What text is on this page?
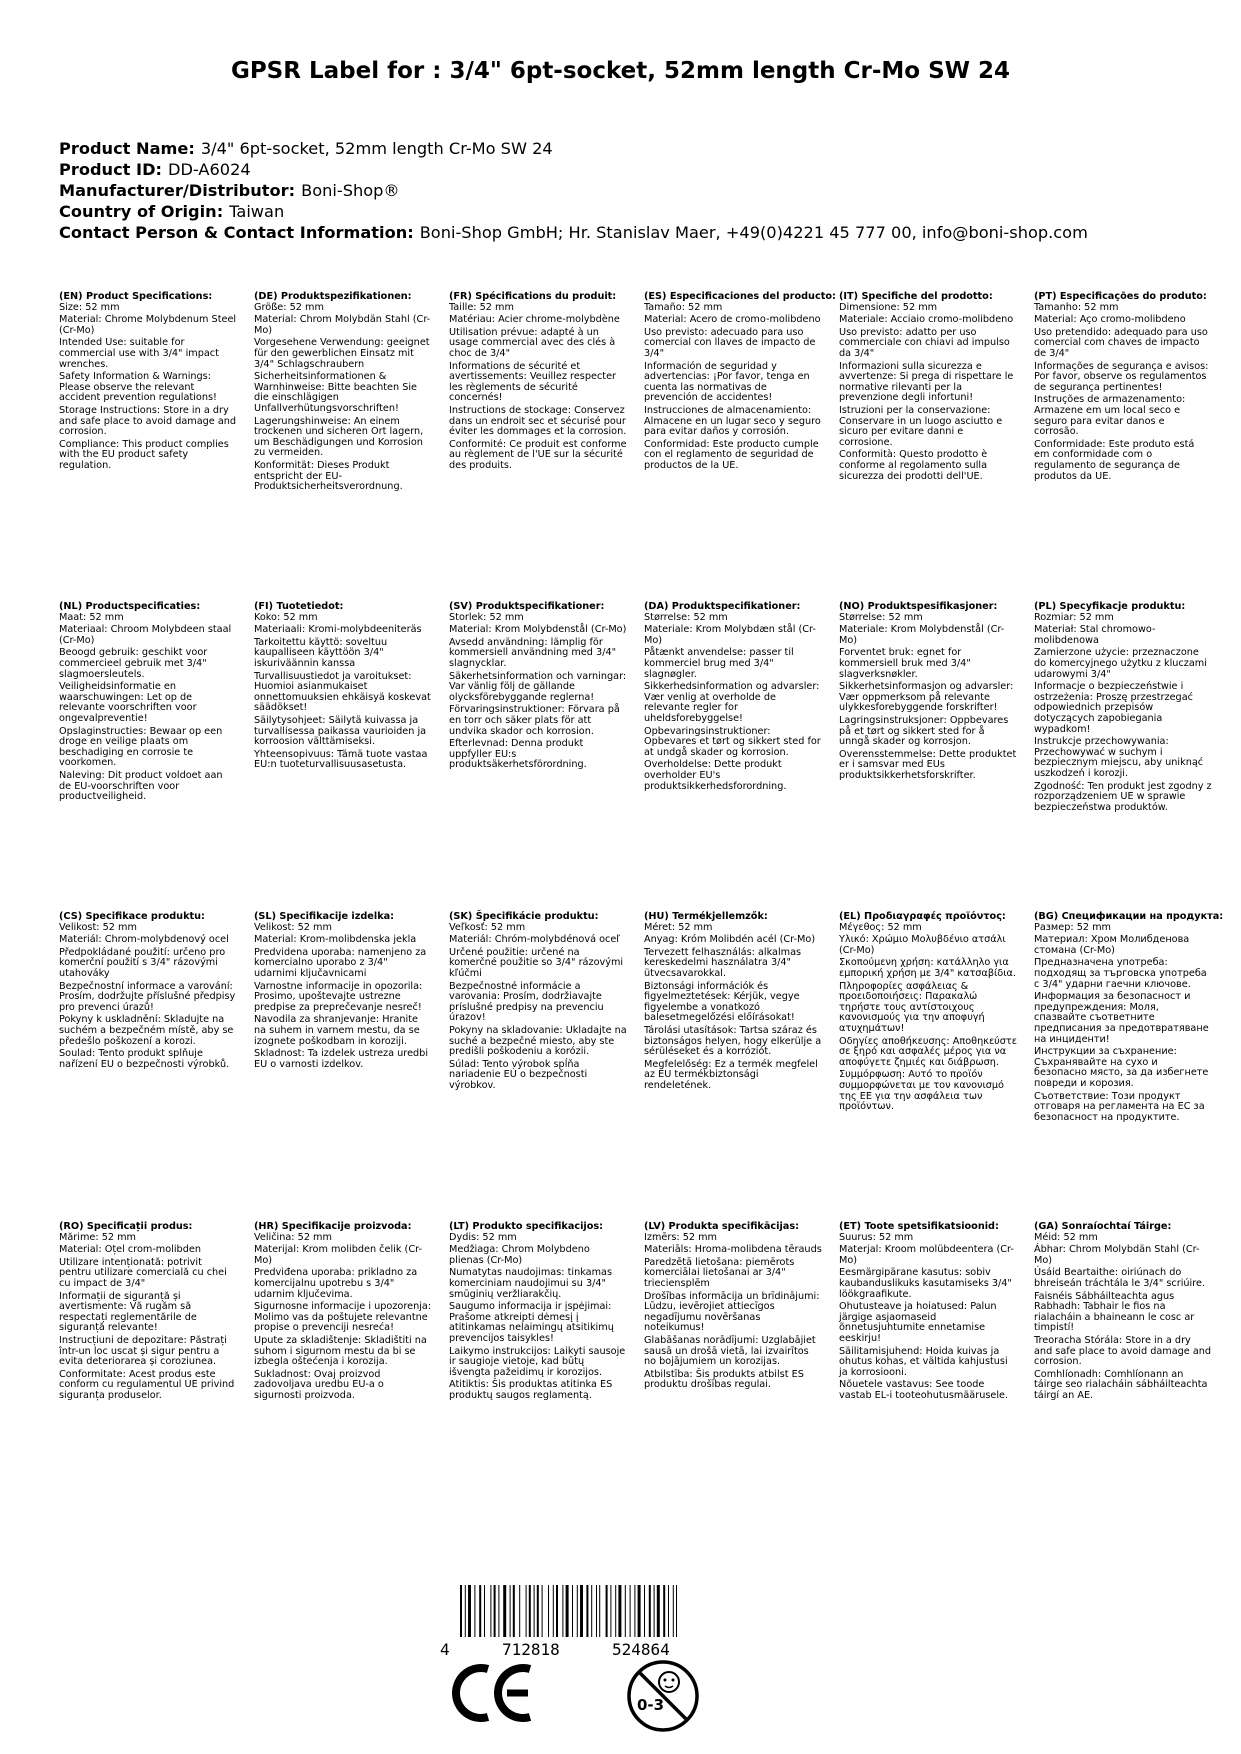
GPSR Label for : 3/4" 6pt-socket, 52mm length Cr-Mo SW 24
Product Name: 3/4" 6pt-socket, 52mm length Cr-Mo SW 24
Product ID: DD-A6024
Manufacturer/Distributor: Boni-Shop®
Country of Origin: Taiwan
Contact Person & Contact Information: Boni-Shop GmbH; Hr. Stanislav Maer, +49(0)4221 45 777 00, info@boni-shop.com
(EN) Product Specifications:
Size: 52 mm
Material: Chrome Molybdenum Steel (Cr-Mo)
Intended Use: suitable for commercial use with 3/4" impact wrenches.
Safety Information & Warnings: Please observe the relevant accident prevention regulations!
Storage Instructions: Store in a dry and safe place to avoid damage and corrosion.
Compliance: This product complies with the EU product safety regulation.
(DE) Produktspezifikationen:
Größe: 52 mm
Material: Chrom Molybdän Stahl (Cr-Mo)
Vorgesehene Verwendung: geeignet für den gewerblichen Einsatz mit 3/4" Schlagschraubern
Sicherheitsinformationen & Warnhinweise: Bitte beachten Sie die einschlägigen Unfallverhütungsvorschriften!
Lagerungshinweise: An einem trockenen und sicheren Ort lagern, um Beschädigungen und Korrosion zu vermeiden.
Konformität: Dieses Produkt entspricht der EU-Produktsicherheitsverordnung.
(FR) Spécifications du produit:
Taille: 52 mm
Matériau: Acier chrome-molybdène
Utilisation prévue: adapté à un usage commercial avec des clés à choc de 3/4"
Informations de sécurité et avertissements: Veuillez respecter les règlements de sécurité concernés!
Instructions de stockage: Conservez dans un endroit sec et sécurisé pour éviter les dommages et la corrosion.
Conformité: Ce produit est conforme au règlement de l'UE sur la sécurité des produits.
(ES) Especificaciones del producto:
Tamaño: 52 mm
Material: Acero de cromo-molibdeno
Uso previsto: adecuado para uso comercial con llaves de impacto de 3/4"
Información de seguridad y advertencias: ¡Por favor, tenga en cuenta las normativas de prevención de accidentes!
Instrucciones de almacenamiento: Almacene en un lugar seco y seguro para evitar daños y corrosión.
Conformidad: Este producto cumple con el reglamento de seguridad de productos de la UE.
(IT) Specifiche del prodotto:
Dimensione: 52 mm
Materiale: Acciaio cromo-molibdeno
Uso previsto: adatto per uso commerciale con chiavi ad impulso da 3/4"
Informazioni sulla sicurezza e avvertenze: Si prega di rispettare le normative rilevanti per la prevenzione degli infortuni!
Istruzioni per la conservazione: Conservare in un luogo asciutto e sicuro per evitare danni e corrosione.
Conformità: Questo prodotto è conforme al regolamento sulla sicurezza dei prodotti dell'UE.
(PT) Especificações do produto:
Tamanho: 52 mm
Material: Aço cromo-molibdeno
Uso pretendido: adequado para uso comercial com chaves de impacto de 3/4"
Informações de segurança e avisos: Por favor, observe os regulamentos de segurança pertinentes!
Instruções de armazenamento: Armazene em um local seco e seguro para evitar danos e corrosão.
Conformidade: Este produto está em conformidade com o regulamento de segurança de produtos da UE.
(NL) Productspecificaties:
Maat: 52 mm
Materiaal: Chroom Molybdeen staal (Cr-Mo)
Beoogd gebruik: geschikt voor commercieel gebruik met 3/4" slagmoersleutels.
Veiligheidsinformatie en waarschuwingen: Let op de relevante voorschriften voor ongevalpreventie!
Opslaginstructies: Bewaar op een droge en veilige plaats om beschadiging en corrosie te voorkomen.
Naleving: Dit product voldoet aan de EU-voorschriften voor productveiligheid.
(FI) Tuotetiedot:
Koko: 52 mm
Materiaali: Kromi-molybdeeniteräs
Tarkoitettu käyttö: soveltuu kaupalliseen käyttöön 3/4" iskuriväännin kanssa
Turvallisuustiedot ja varoitukset: Huomioi asianmukaiset onnettomuuksien ehkäisyä koskevat säädökset!
Säilytysohjeet: Säilytä kuivassa ja turvallisessa paikassa vaurioiden ja korroosion välttämiseksi.
Yhteensopivuus: Tämä tuote vastaa EU:n tuoteturvallisuusasetusta.
(SV) Produktspecifikationer:
Storlek: 52 mm
Material: Krom Molybdenstål (Cr-Mo)
Avsedd användning: lämplig för kommersiell användning med 3/4" slagnycklar.
Säkerhetsinformation och varningar: Var vänlig följ de gällande olycksförebyggande reglerna!
Förvaringsinstruktioner: Förvara på en torr och säker plats för att undvika skador och korrosion.
Efterlevnad: Denna produkt uppfyller EU:s produktsäkerhetsförordning.
(DA) Produktspecifikationer:
Størrelse: 52 mm
Materiale: Krom Molybdæn stål (Cr-Mo)
Påtænkt anvendelse: passer til kommerciel brug med 3/4" slagnøgler.
Sikkerhedsinformation og advarsler: Vær venlig at overholde de relevante regler for uheldsforebyggelse!
Opbevaringsinstruktioner: Opbevares et tørt og sikkert sted for at undgå skader og korrosion.
Overholdelse: Dette produkt overholder EU's produktsikkerhedsforordning.
(NO) Produktspesifikasjoner:
Størrelse: 52 mm
Materiale: Krom Molybdenstål (Cr-Mo)
Forventet bruk: egnet for kommersiell bruk med 3/4" slagverksnøkler.
Sikkerhetsinformasjon og advarsler: Vær oppmerksom på relevante ulykkesforebyggende forskrifter!
Lagringsinstruksjoner: Oppbevares på et tørt og sikkert sted for å unngå skader og korrosjon.
Overensstemmelse: Dette produktet er i samsvar med EUs produktsikkerhetsforskrifter.
(PL) Specyfikacje produktu:
Rozmiar: 52 mm
Materiał: Stal chromowo-molibdenowa
Zamierzone użycie: przeznaczone do komercyjnego użytku z kluczami udarowymi 3/4"
Informacje o bezpieczeństwie i ostrzeżenia: Proszę przestrzegać odpowiednich przepisów dotyczących zapobiegania wypadkom!
Instrukcje przechowywania: Przechowywać w suchym i bezpiecznym miejscu, aby uniknąć uszkodzeń i korozji.
Zgodność: Ten produkt jest zgodny z rozporządzeniem UE w sprawie bezpieczeństwa produktów.
(CS) Specifikace produktu:
Velikost: 52 mm
Materiál: Chrom-molybdenový ocel
Předpokládané použití: určeno pro komerční použití s 3/4" rázovými utahováky
Bezpečnostní informace a varování: Prosím, dodržujte příslušné předpisy pro prevenci úrazů!
Pokyny k uskladnění: Skladujte na suchém a bezpečném místě, aby se předešlo poškození a korozi.
Soulad: Tento produkt splňuje nařízení EU o bezpečnosti výrobků.
(SL) Specifikacije izdelka:
Velikost: 52 mm
Material: Krom-molibdenska jekla
Predvidena uporaba: namenjeno za komercialno uporabo z 3/4" udarnimi ključavnicami
Varnostne informacije in opozorila: Prosimo, upoštevajte ustrezne predpise za preprečevanje nesreč!
Navodila za shranjevanje: Hranite na suhem in varnem mestu, da se izognete poškodbam in koroziji.
Skladnost: Ta izdelek ustreza uredbi EU o varnosti izdelkov.
(SK) Špecifikácie produktu:
Veľkosť: 52 mm
Materiál: Chróm-molybdénová oceľ
Určené použitie: určené na komerčné použitie so 3/4" rázovými kľúčmi
Bezpečnostné informácie a varovania: Prosím, dodržiavajte príslušné predpisy na prevenciu úrazov!
Pokyny na skladovanie: Ukladajte na suché a bezpečné miesto, aby ste predišli poškodeniu a korózii.
Súlad: Tento výrobok spĺňa nariadenie EÚ o bezpečnosti výrobkov.
(HU) Termékjellemzők:
Méret: 52 mm
Anyag: Króm Molibdén acél (Cr-Mo)
Tervezett felhasználás: alkalmas kereskedelmi használatra 3/4" ütvecsavarokkal.
Biztonsági információk és figyelmeztetések: Kérjük, vegye figyelembe a vonatkozó balesetmegelőzési előírásokat!
Tárolási utasítások: Tartsa száraz és biztonságos helyen, hogy elkerülje a sérüléseket és a korróziót.
Megfelelőség: Ez a termék megfelel az EU termékbiztonsági rendeletének.
(EL) Προδιαγραφές προϊόντος:
Μέγεθος: 52 mm
Υλικό: Χρώμιο Μολυβδένιο ατσάλι (Cr-Mo)
Σκοπούμενη χρήση: κατάλληλο για εμπορική χρήση με 3/4" κατσαβίδια.
Πληροφορίες ασφάλειας & προειδοποιήσεις: Παρακαλώ τηρήστε τους αντίστοιχους κανονισμούς για την αποφυγή ατυχημάτων!
Οδηγίες αποθήκευσης: Αποθηκεύστε σε ξηρό και ασφαλές μέρος για να αποφύγετε ζημιές και διάβρωση.
Συμμόρφωση: Αυτό το προϊόν συμμορφώνεται με τον κανονισμό της ΕΕ για την ασφάλεια των προϊόντων.
(BG) Спецификации на продукта:
Размер: 52 mm
Материал: Хром Молибденова стомана (Cr-Mo)
Предназначена употреба: подходящ за търговска употреба с 3/4" ударни гаечни ключове.
Информация за безопасност и предупреждения: Моля, спазвайте съответните предписания за предотвратяване на инциденти!
Инструкции за съхранение: Съхранявайте на сухо и безопасно място, за да избегнете повреди и корозия.
Съответствие: Този продукт отговаря на регламента на ЕС за безопасност на продуктите.
(RO) Specificații produs:
Mărime: 52 mm
Material: Oțel crom-molibden
Utilizare intenționată: potrivit pentru utilizare comercială cu chei cu impact de 3/4"
Informații de siguranță și avertismente: Vă rugăm să respectați reglementările de siguranță relevante!
Instrucțiuni de depozitare: Păstrați într-un loc uscat și sigur pentru a evita deteriorarea și coroziunea.
Conformitate: Acest produs este conform cu regulamentul UE privind siguranța produselor.
(HR) Specifikacije proizvoda:
Veličina: 52 mm
Materijal: Krom molibden čelik (Cr-Mo)
Predviđena uporaba: prikladno za komercijalnu upotrebu s 3/4" udarnim ključevima.
Sigurnosne informacije i upozorenja: Molimo vas da poštujete relevantne propise o prevenciji nesreća!
Upute za skladištenje: Skladištiti na suhom i sigurnom mestu da bi se izbegla oštećenja i korozija.
Sukladnost: Ovaj proizvod zadovoljava uredbu EU-a o sigurnosti proizvoda.
(LT) Produkto specifikacijos:
Dydis: 52 mm
Medžiaga: Chrom Molybdeno plienas (Cr-Mo)
Numatytas naudojimas: tinkamas komerciniam naudojimui su 3/4" smūginių veržliarakčių.
Saugumo informacija ir įspėjimai: Prašome atkreipti dėmesį į atitinkamas nelaimingų atsitikimų prevencijos taisykles!
Laikymo instrukcijos: Laikyti sausoje ir saugioje vietoje, kad būtų išvengta pažeidimų ir korozijos.
Atitiktis: Šis produktas atitinka ES produktų saugos reglamentą.
(LV) Produkta specifikācijas:
Izmērs: 52 mm
Materiāls: Hroma-molibdena tērauds
Paredzētā lietošana: piemērots komerciālai lietošanai ar 3/4" trieciensplēm
Drošības informācija un brīdinājumi: Lūdzu, ievērojiet attiecīgos negadījumu novēršanas noteikumus!
Glabāšanas norādījumi: Uzglabājiet sausā un drošā vietā, lai izvairītos no bojājumiem un korozijas.
Atbilstība: Šis produkts atbilst ES produktu drošības regulai.
(ET) Toote spetsifikatsioonid:
Suurus: 52 mm
Materjal: Kroom molübdeentera (Cr-Mo)
Eesmärgipärane kasutus: sobiv kaubanduslikuks kasutamiseks 3/4" löökgraafikute.
Ohutusteave ja hoiatused: Palun järgige asjaomaseid õnnetusjuhtumite ennetamise eeskirju!
Säilitamisjuhend: Hoida kuivas ja ohutus kohas, et vältida kahjustusi ja korrosiooni.
Nõuetele vastavus: See toode vastab EL-i tooteohutusmäärusele.
(GA) Sonraíochtaí Táirge:
Méid: 52 mm
Ábhar: Chrom Molybdän Stahl (Cr-Mo)
Úsáid Beartaithe: oiriúnach do bhreiseán tráchtála le 3/4" scriúire.
Faisnéis Sábháilteachta agus Rabhadh: Tabhair le fios na rialacháin a bhaineann le cosc ar timpistí!
Treoracha Stórála: Store in a dry and safe place to avoid damage and corrosion.
Comhlíonadh: Comhlíonann an táirge seo rialacháin sábháilteachta táirgí an AE.
4	712818	524864
0-3
